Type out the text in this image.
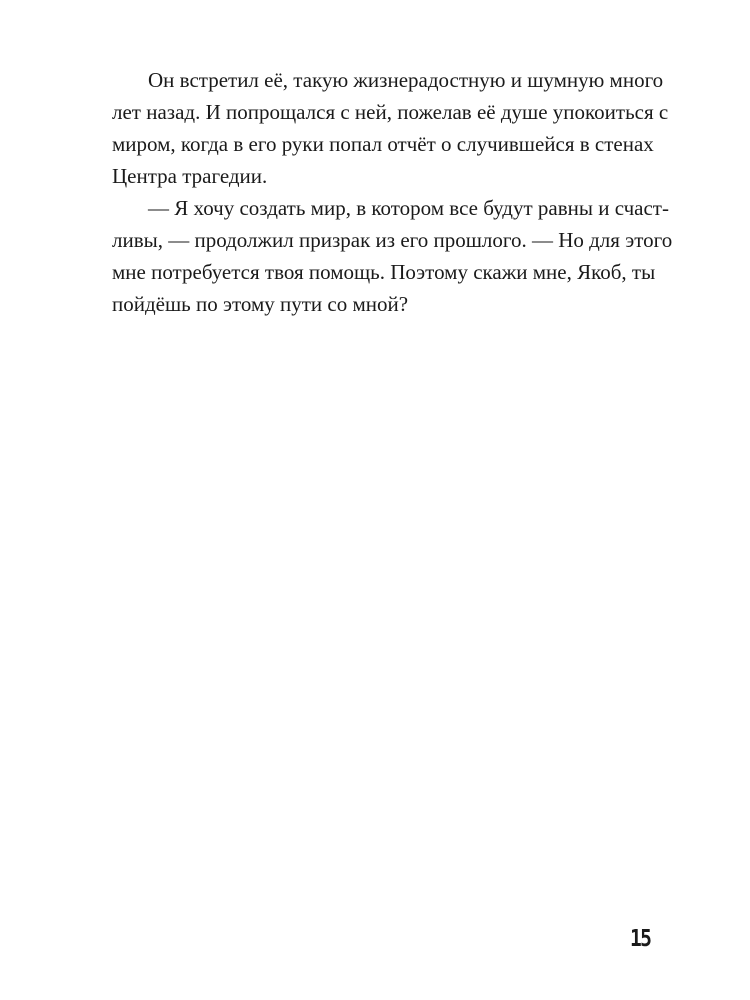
Он встретил её, такую жизнерадостную и шумную много
лет назад. И попрощался с ней, пожелав её душе упокоиться с
миром, когда в его руки попал отчёт о случившейся в стенах
Центра трагедии.
— Я хочу создать мир, в котором все будут равны и счаст-
ливы, — продолжил призрак из его прошлого. — Но для этого
мне потребуется твоя помощь. Поэтому скажи мне, Якоб, ты
пойдёшь по этому пути со мной?
15
